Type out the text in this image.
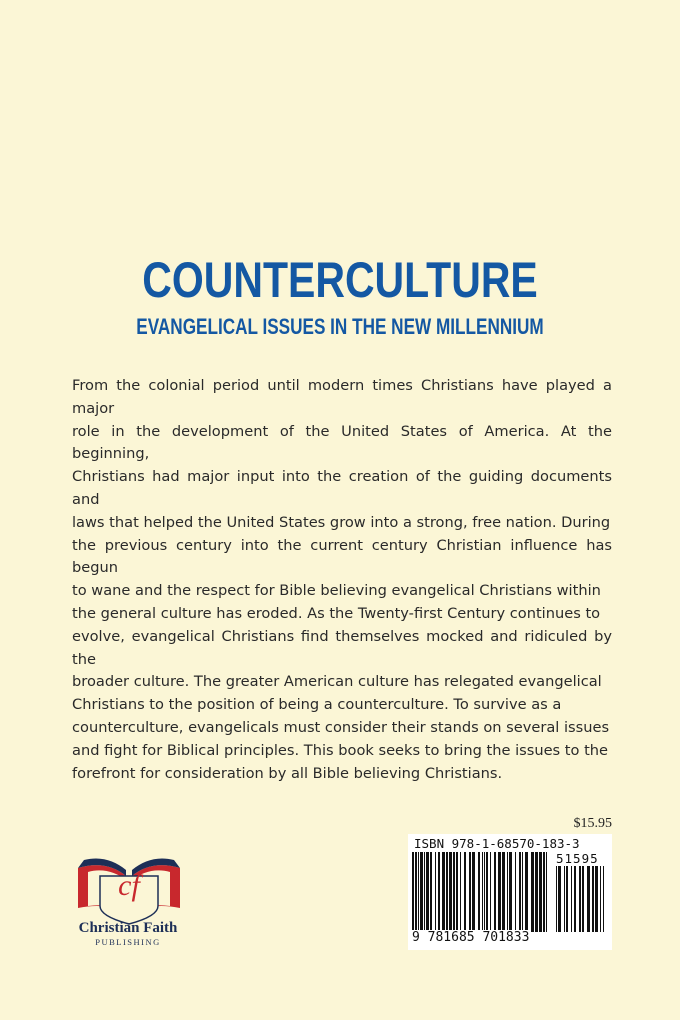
COUNTERCULTURE
EVANGELICAL ISSUES IN THE NEW MILLENNIUM
From the colonial period until modern times Christians have played a major
role in the development of the United States of America. At the beginning,
Christians had major input into the creation of the guiding documents and
laws that helped the United States grow into a strong, free nation. During
the previous century into the current century Christian influence has begun
to wane and the respect for Bible believing evangelical Christians within
the general culture has eroded. As the Twenty-first Century continues to
evolve, evangelical Christians find themselves mocked and ridiculed by the
broader culture. The greater American culture has relegated evangelical
Christians to the position of being a counterculture. To survive as a
counterculture, evangelicals must consider their stands on several issues
and fight for Biblical principles. This book seeks to bring the issues to the
forefront for consideration by all Bible believing Christians.
cf
Christian Faith
PUBLISHING
$15.95
ISBN 978-1-68570-183-3
51595
9 781685 701833
